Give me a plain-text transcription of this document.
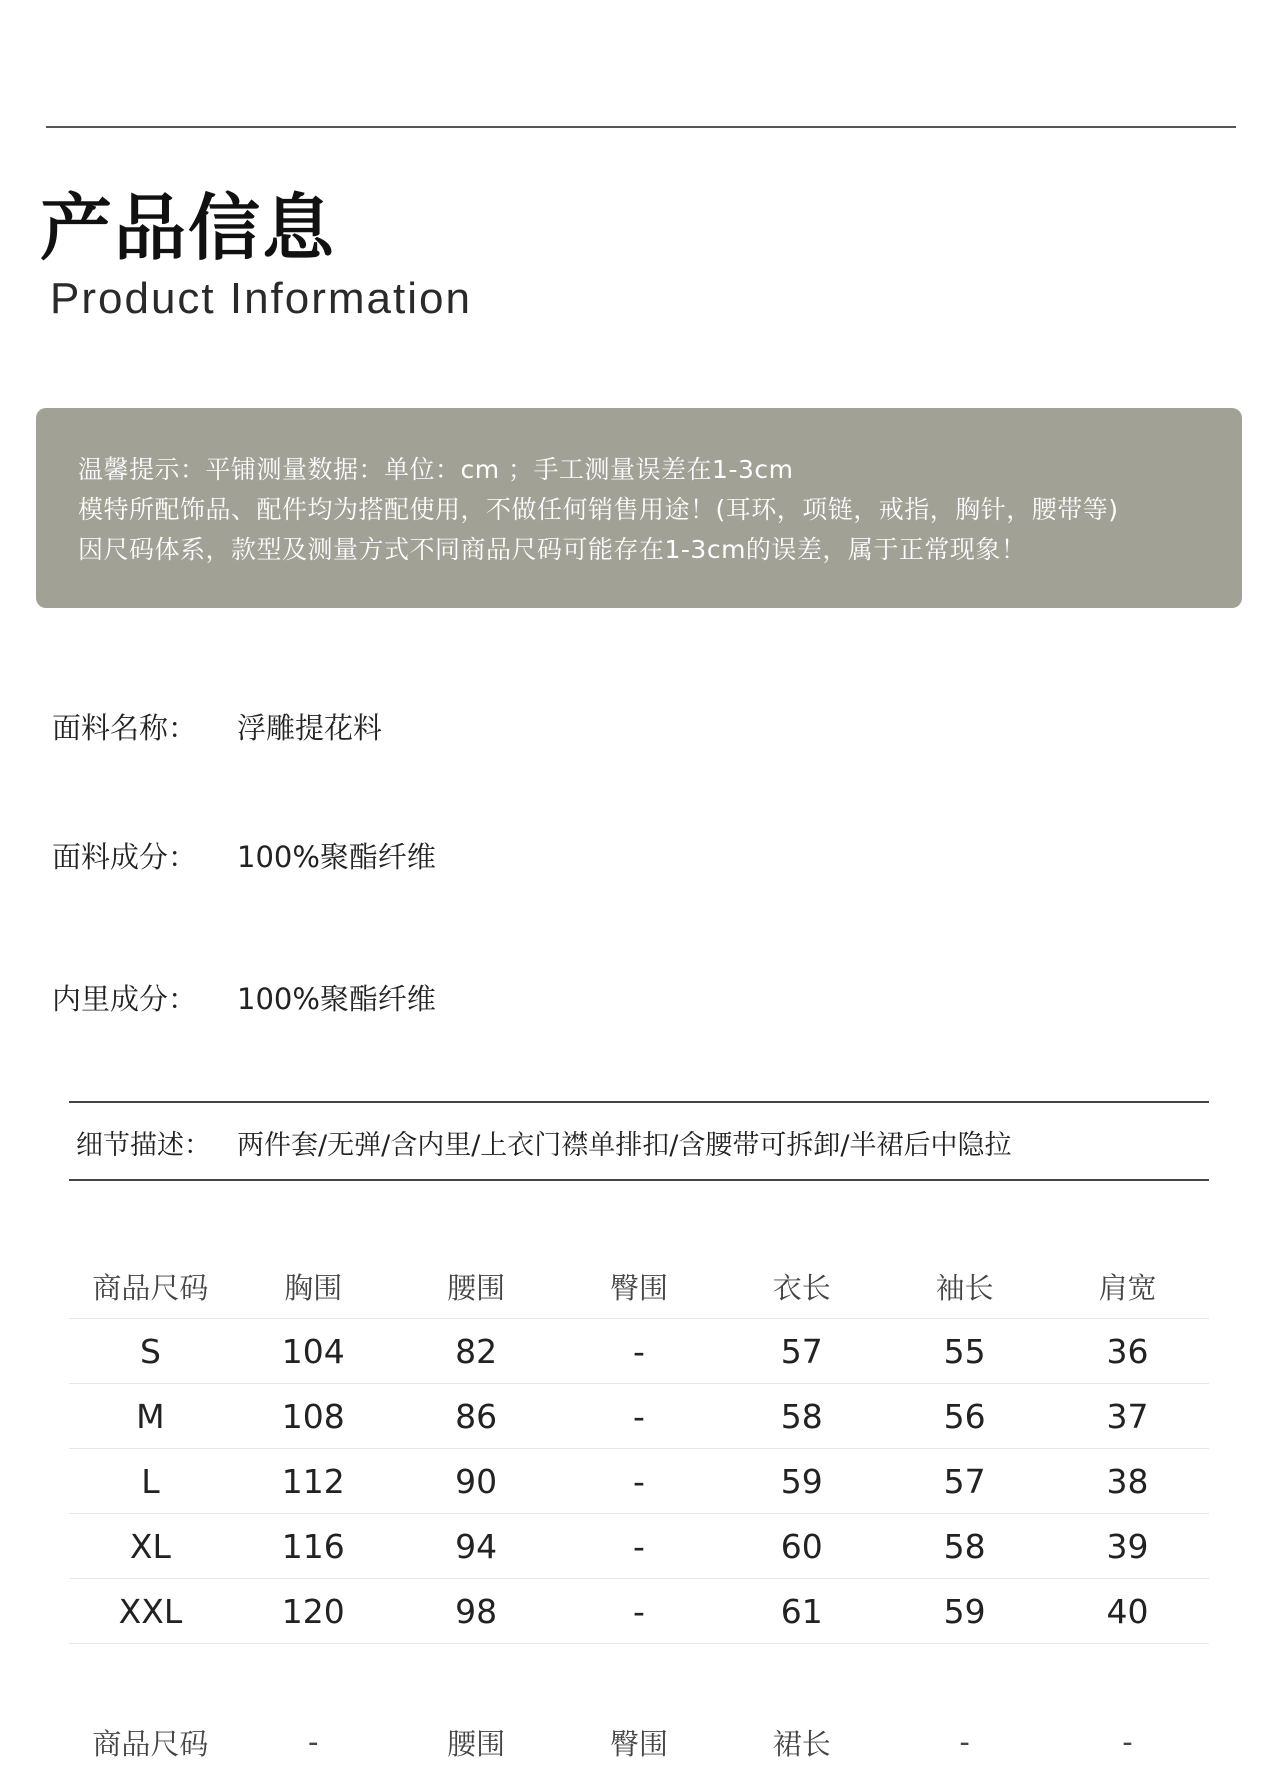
产品信息
Product Information

温馨提示：平铺测量数据：单位：cm ；手工测量误差在1-3cm

模特所配饰品、配件均为搭配使用，不做任何销售用途！(耳环，项链，戒指，胸针，腰带等)

因尺码体系，款型及测量方式不同商品尺码可能存在1-3cm的误差，属于正常现象！

面料名称： 浮雕提花料
面料成分： 100%聚酯纤维
内里成分： 100%聚酯纤维
细节描述： 两件套/无弹/含内里/上衣门襟单排扣/含腰带可拆卸/半裙后中隐拉
商品尺码	胸围	腰围	臀围	衣长	袖长	肩宽
S	104	82	-	57	55	36
M	108	86	-	58	56	37
L	112	90	-	59	57	38
XL	116	94	-	60	58	39
XXL	120	98	-	61	59	40
商品尺码	-	腰围	臀围	裙长	-	-
